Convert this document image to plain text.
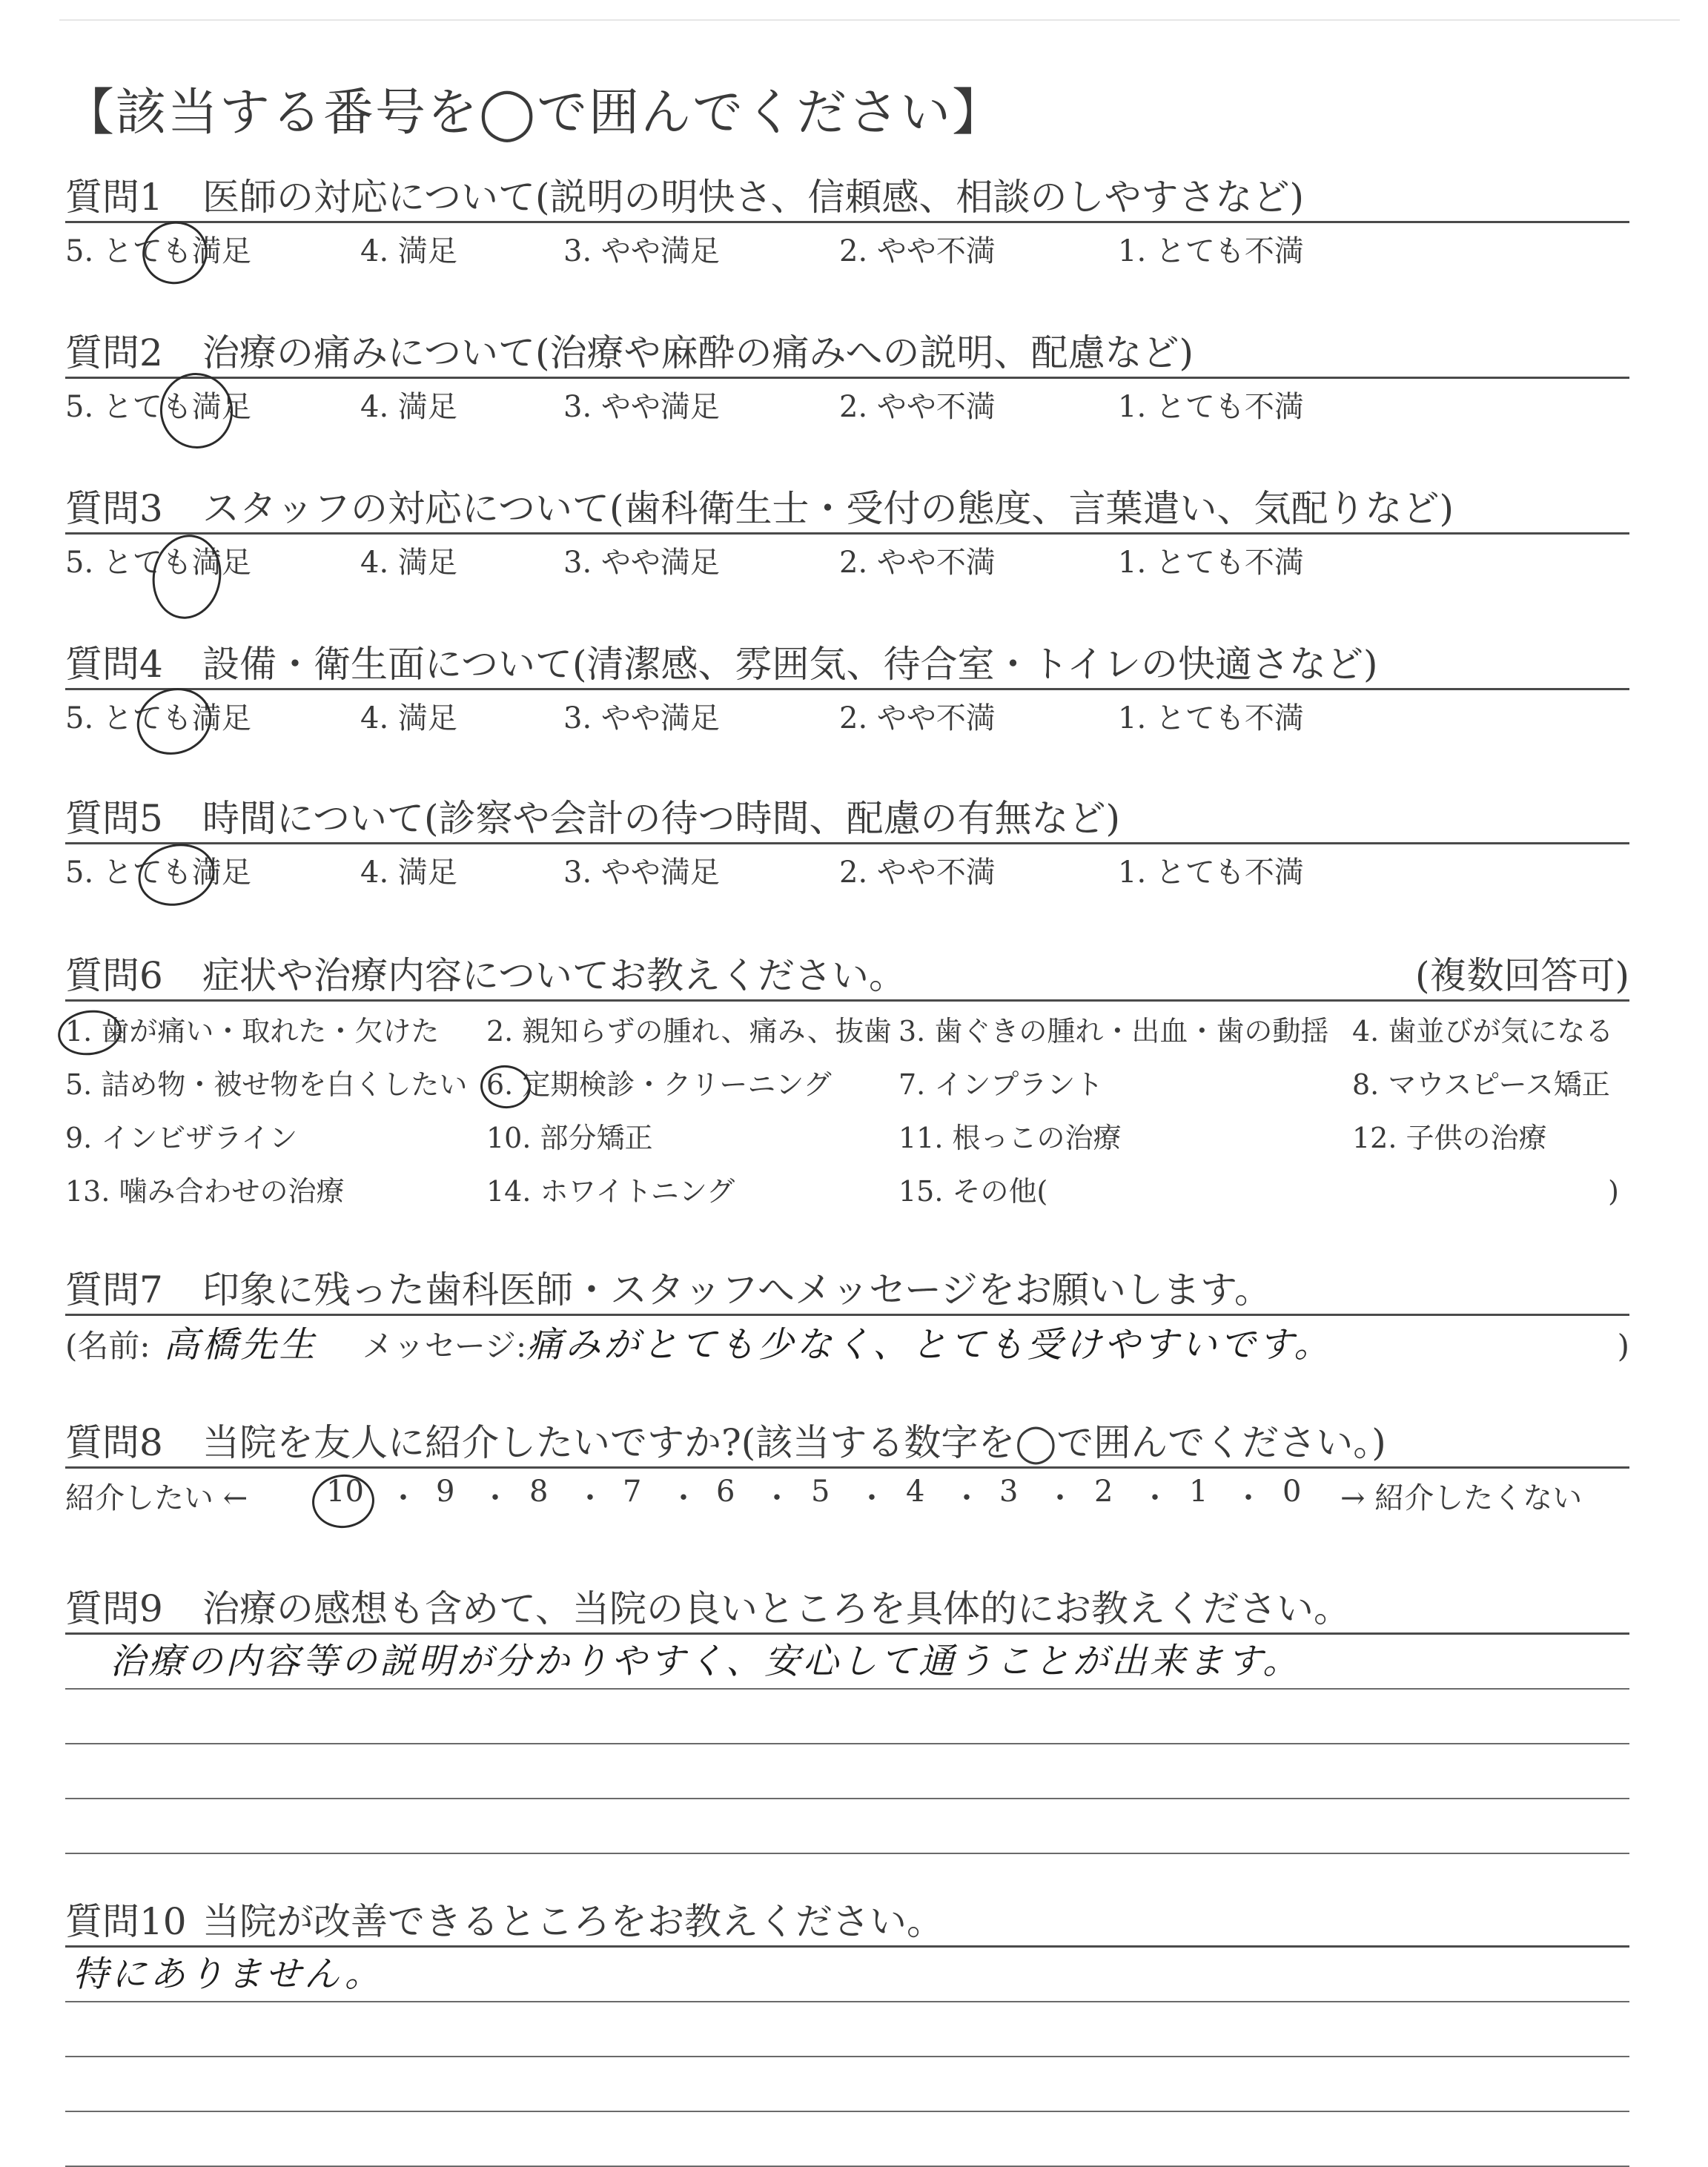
【該当する番号を◯で囲んでください】
質問1	医師の対応について(説明の明快さ、信頼感、相談のしやすさなど)
5. とても満足	4. 満足	3. やや満足	2. やや不満	1. とても不満
質問2	治療の痛みについて(治療や麻酔の痛みへの説明、配慮など)
5. とても満足	4. 満足	3. やや満足	2. やや不満	1. とても不満
質問3	スタッフの対応について(歯科衛生士・受付の態度、言葉遣い、気配りなど)
5. とても満足	4. 満足	3. やや満足	2. やや不満	1. とても不満
質問4	設備・衛生面について(清潔感、雰囲気、待合室・トイレの快適さなど)
5. とても満足	4. 満足	3. やや満足	2. やや不満	1. とても不満
質問5	時間について(診察や会計の待つ時間、配慮の有無など)
5. とても満足	4. 満足	3. やや満足	2. やや不満	1. とても不満
質問6	症状や治療内容についてお教えください。	(複数回答可)
1. 歯が痛い・取れた・欠けた	2. 親知らずの腫れ、痛み、抜歯 3. 歯ぐきの腫れ・出血・歯の動揺 4. 歯並びが気になる
5. 詰め物・被せ物を白くしたい 6. 定期検診・クリーニング	7. インプラント	8. マウスピース矯正
9. インビザライン	10. 部分矯正	11. 根っこの治療	12. 子供の治療
13. 噛み合わせの治療	14. ホワイトニング	15. その他(	)
質問7	印象に残った歯科医師・スタッフへメッセージをお願いします。
(名前: 高橋先生 メッセージ: 痛みがとても少なく、とても受けやすいです。	)
質問8	当院を友人に紹介したいですか?(該当する数字を◯で囲んでください。)
紹介したい ←	10 ・ 9 ・ 8 ・ 7 ・ 6 ・ 5 ・ 4 ・ 3 ・ 2 ・ 1 ・ 0 → 紹介したくない
質問9	治療の感想も含めて、当院の良いところを具体的にお教えください。
治療の内容等の説明が分かりやすく、安心して通うことが出来ます。
質問10 当院が改善できるところをお教えください。
特にありません。
